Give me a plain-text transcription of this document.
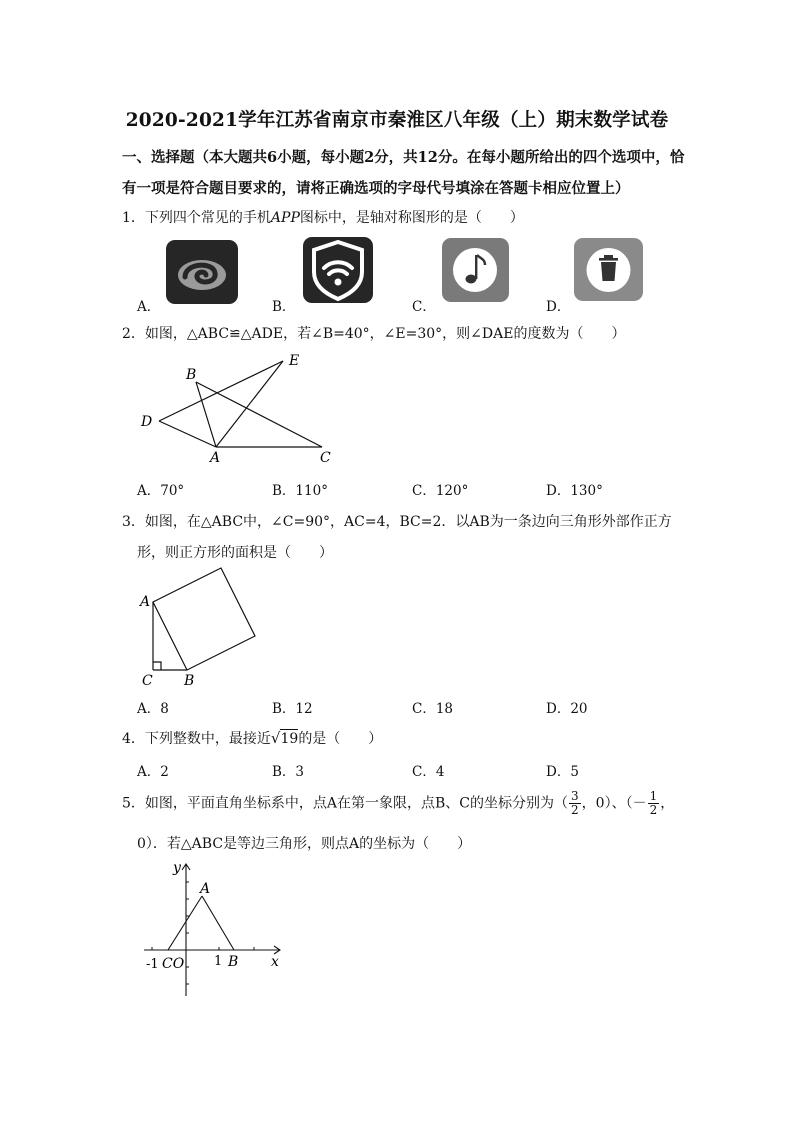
2020-2021学年江苏省南京市秦淮区八年级（上）期末数学试卷
一、选择题（本大题共6小题，每小题2分，共12分。在每小题所给出的四个选项中，恰
有一项是符合题目要求的，请将正确选项的字母代号填涂在答题卡相应位置上）
1．下列四个常见的手机APP图标中，是轴对称图形的是（　　）
A．	B．	C．	D．
2．如图，△ABC≌△ADE，若∠B=40°，∠E=30°，则∠DAE的度数为（　　）
B
E
D
A	C
A．70°	B．110°	C．120°	D．130°
3．如图，在△ABC中，∠C=90°，AC=4，BC=2．以AB为一条边向三角形外部作正方
形，则正方形的面积是（　　）
A
C B
A．8	B．12	C．18	D．20
4．下列整数中，最接近√19的是（　　）
A．2	B．3	C．4	D．5
5．如图，平面直角坐标系中，点A在第一象限，点B、C的坐标分别为（ $\frac{3}{2}$ ，0）、（－ $\frac{1}{2}$ ，
0）．若△ABC是等边三角形，则点A的坐标为（　　）
y
A
x
-1 CO 1 B
